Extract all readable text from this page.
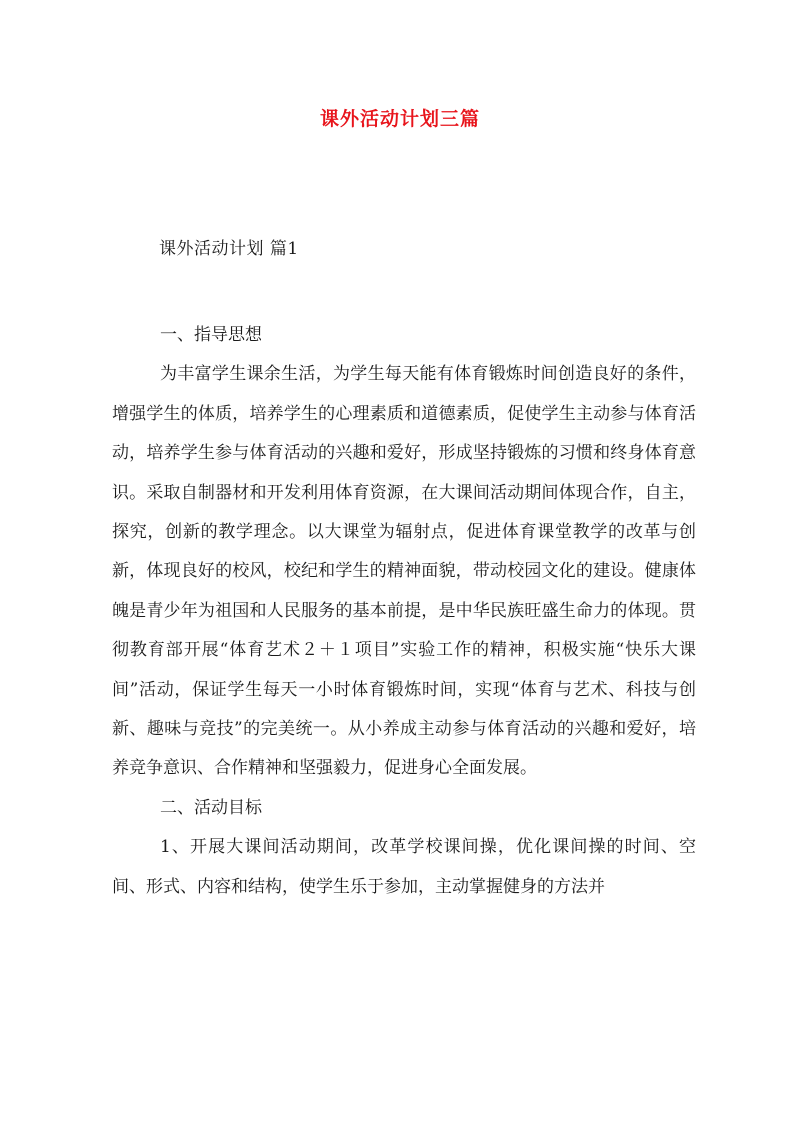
课外活动计划三篇
课外活动计划 篇1

一、指导思想

为丰富学生课余生活，为学生每天能有体育锻炼时间创造良好的条件，增强学生的体质，培养学生的心理素质和道德素质，促使学生主动参与体育活动，培养学生参与体育活动的兴趣和爱好，形成坚持锻炼的习惯和终身体育意识。采取自制器材和开发利用体育资源，在大课间活动期间体现合作，自主，探究，创新的教学理念。以大课堂为辐射点，促进体育课堂教学的改革与创新，体现良好的校风，校纪和学生的精神面貌，带动校园文化的建设。健康体魄是青少年为祖国和人民服务的基本前提，是中华民族旺盛生命力的体现。贯彻教育部开展“体育艺术２＋１项目”实验工作的精神，积极实施“快乐大课间”活动，保证学生每天一小时体育锻炼时间，实现“体育与艺术、科技与创新、趣味与竞技”的完美统一。从小养成主动参与体育活动的兴趣和爱好，培养竞争意识、合作精神和坚强毅力，促进身心全面发展。

二、活动目标

1、开展大课间活动期间，改革学校课间操，优化课间操的时间、空间、形式、内容和结构，使学生乐于参加，主动掌握健身的方法并
